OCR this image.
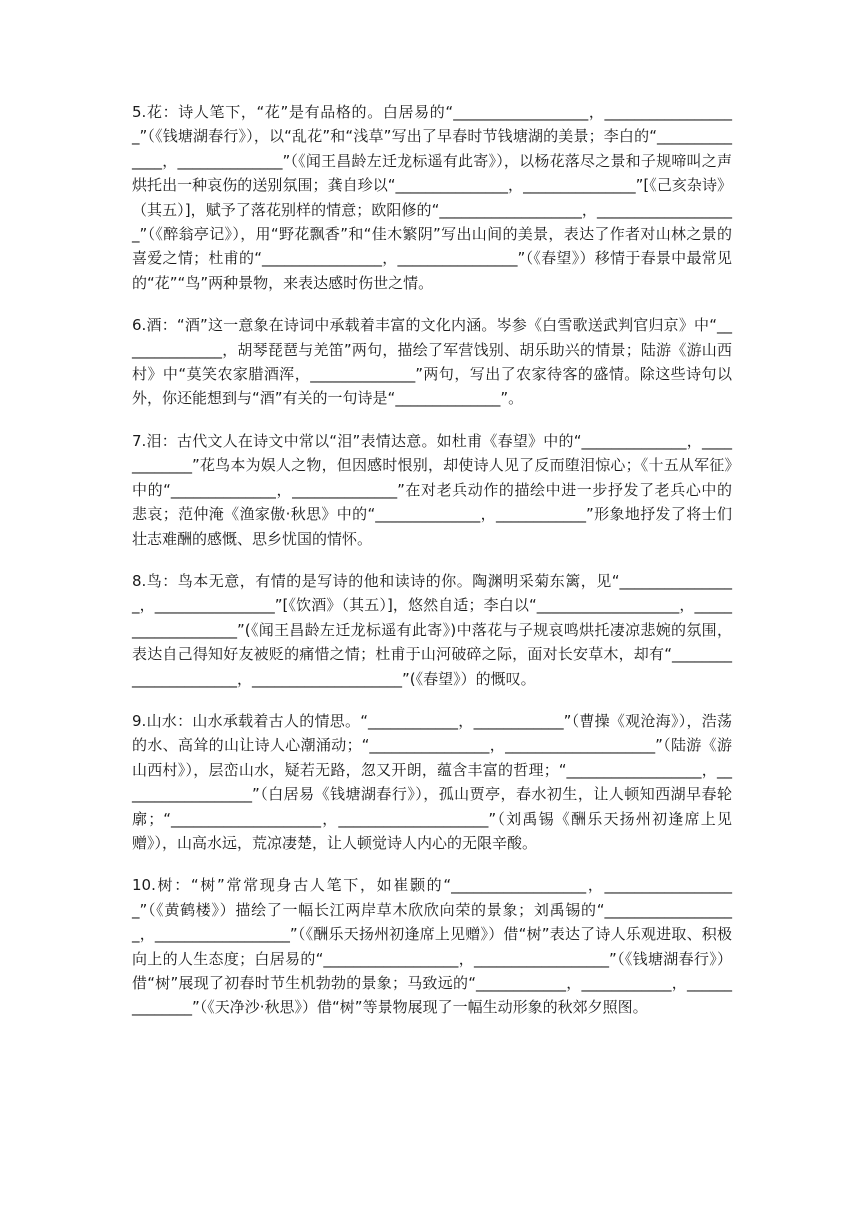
5.花：诗人笔下，“花”是有品格的。白居易的“__________________，__________________”（《钱塘湖春行》），以“乱花”和“浅草”写出了早春时节钱塘湖的美景；李白的“______________，______________”（《闻王昌龄左迁龙标遥有此寄》），以杨花落尽之景和子规啼叫之声烘托出一种哀伤的送别氛围；龚自珍以“_______________，_______________”[《己亥杂诗》（其五）]，赋予了落花别样的情意；欧阳修的“___________________，___________________”（《醉翁亭记》），用“野花飘香”和“佳木繁阴”写出山间的美景，表达了作者对山林之景的喜爱之情；杜甫的“________________，________________”（《春望》）移情于春景中最常见的“花”“鸟”两种景物，来表达感时伤世之情。

6.酒：“酒”这一意象在诗词中承载着丰富的文化内涵。岑参《白雪歌送武判官归京》中“______________，胡琴琵琶与羌笛”两句，描绘了军营饯别、胡乐助兴的情景；陆游《游山西村》中“莫笑农家腊酒浑，______________”两句，写出了农家待客的盛情。除这些诗句以外，你还能想到与“酒”有关的一句诗是“______________”。

7.泪：古代文人在诗文中常以“泪”表情达意。如杜甫《春望》中的“______________，____________”花鸟本为娱人之物，但因感时恨别，却使诗人见了反而堕泪惊心；《十五从军征》中的“______________，______________”在对老兵动作的描绘中进一步抒发了老兵心中的悲哀；范仲淹《渔家傲·秋思》中的“______________，____________”形象地抒发了将士们壮志难酬的感慨、思乡忧国的情怀。

8.鸟：鸟本无意，有情的是写诗的他和读诗的你。陶渊明采菊东篱，见“________________，________________”[《饮酒》（其五）]，悠然自适；李白以“___________________，___________________”(《闻王昌龄左迁龙标遥有此寄》)中落花与子规哀鸣烘托凄凉悲婉的氛围，表达自己得知好友被贬的痛惜之情；杜甫于山河破碎之际，面对长安草木，却有“______________________，____________________”(《春望》）的慨叹。

9.山水：山水承载着古人的情思。“____________，____________”（曹操《观沧海》），浩荡的水、高耸的山让诗人心潮涌动；“________________，____________________”（陆游《游山西村》），层峦山水，疑若无路，忽又开朗，蕴含丰富的哲理；“__________________，__________________”（白居易《钱塘湖春行》），孤山贾亭，春水初生，让人顿知西湖早春轮廓；“____________________，____________________”（刘禹锡《酬乐天扬州初逢席上见赠》），山高水远，荒凉凄楚，让人顿觉诗人内心的无限辛酸。

10.树：“树”常常现身古人笔下，如崔颢的“__________________，__________________”（《黄鹤楼》）描绘了一幅长江两岸草木欣欣向荣的景象；刘禹锡的“__________________，__________________”（《酬乐天扬州初逢席上见赠》）借“树”表达了诗人乐观进取、积极向上的人生态度；白居易的“__________________，__________________”（《钱塘湖春行》）借“树”展现了初春时节生机勃勃的景象；马致远的“____________，____________，______________”（《天净沙·秋思》）借“树”等景物展现了一幅生动形象的秋郊夕照图。
